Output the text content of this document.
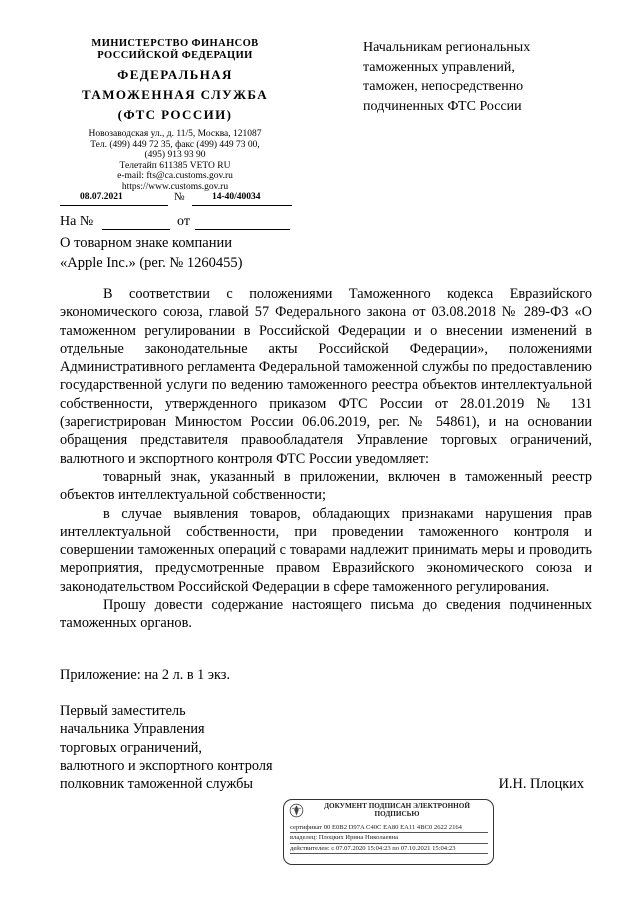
МИНИСТЕРСТВО ФИНАНСОВ
РОССИЙСКОЙ ФЕДЕРАЦИИ
ФЕДЕРАЛЬНАЯ
ТАМОЖЕННАЯ СЛУЖБА
(ФТС РОССИИ)
Новозаводская ул., д. 11/5, Москва, 121087
Тел. (499) 449 72 35, факс (499) 449 73 00,
(495) 913 93 90
Телетайп 611385 VETO RU
e-mail: fts@ca.customs.gov.ru
https://www.customs.gov.ru
08.07.2021	№	14-40/40034
На №	от
О товарном знаке компании
«Apple Inc.» (рег. № 1260455)
Начальникам региональных
таможенных управлений,
таможен, непосредственно
подчиненных ФТС России

В соответствии с положениями Таможенного кодекса Евразийского экономического союза, главой 57 Федерального закона от 03.08.2018 № 289-ФЗ «О таможенном регулировании в Российской Федерации и о внесении изменений в отдельные законодательные акты Российской Федерации», положениями Административного регламента Федеральной таможенной службы по предоставлению государственной услуги по ведению таможенного реестра объектов интеллектуальной собственности, утвержденного приказом ФТС России от 28.01.2019 № 131 (зарегистрирован Минюстом России 06.06.2019, рег. № 54861), и на основании обращения представителя правообладателя Управление торговых ограничений, валютного и экспортного контроля ФТС России уведомляет:

товарный знак, указанный в приложении, включен в таможенный реестр объектов интеллектуальной собственности;

в случае выявления товаров, обладающих признаками нарушения прав интеллектуальной собственности, при проведении таможенного контроля и совершении таможенных операций с товарами надлежит принимать меры и проводить мероприятия, предусмотренные правом Евразийского экономического союза и законодательством Российской Федерации в сфере таможенного регулирования.

Прошу довести содержание настоящего письма до сведения подчиненных таможенных органов.

Приложение: на 2 л. в 1 экз.
Первый заместитель
начальника Управления
торговых ограничений,
валютного и экспортного контроля
полковник таможенной службы	И.Н. Плоцких
ДОКУМЕНТ ПОДПИСАН ЭЛЕКТРОННОЙ
ПОДПИСЬЮ
сертификат 00 E0B2 D97A C40C EA80 EA11 4BC0 2622 2164
владелец: Плоцких Ирина Николаевна
действителен: с 07.07.2020 15:04:23 по 07.10.2021 15:04:23
